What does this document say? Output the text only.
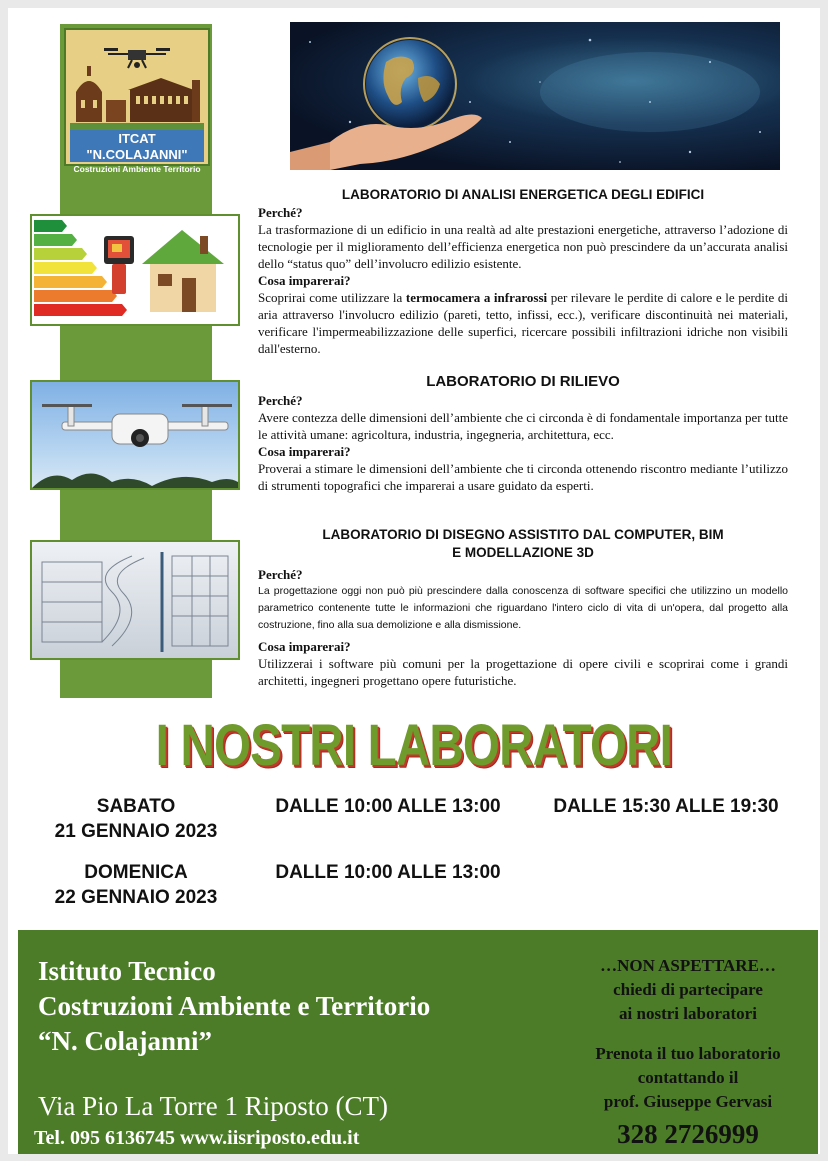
ITCAT "N.COLAJANNI"
Costruzioni Ambiente Territorio
LABORATORIO DI ANALISI ENERGETICA DEGLI EDIFICI
Perché?

La trasformazione di un edificio in una realtà ad alte prestazioni energetiche, attraverso l’adozione di tecnologie per il miglioramento dell’efficienza energetica non può prescindere da un’accurata analisi dello “status quo” dell’involucro edilizio esistente.

Cosa imparerai?

Scoprirai come utilizzare la termocamera a infrarossi per rilevare le perdite di calore e le perdite di aria attraverso l'involucro edilizio (pareti, tetto, infissi, ecc.), verificare discontinuità nei materiali, verificare l'impermeabilizzazione delle superfici, ricercare possibili infiltrazioni idriche non visibili dall'esterno.

LABORATORIO DI RILIEVO
Perché?

Avere contezza delle dimensioni dell’ambiente che ci circonda è di fondamentale importanza per tutte le attività umane: agricoltura, industria, ingegneria, architettura, ecc.

Cosa imparerai?

Proverai a stimare le dimensioni dell’ambiente che ti circonda ottenendo riscontro mediante l’utilizzo di strumenti topografici che imparerai a usare guidato da esperti.

LABORATORIO DI DISEGNO ASSISTITO DAL COMPUTER, BIM
E MODELLAZIONE 3D
Perché?

La progettazione oggi non può più prescindere dalla conoscenza di software specifici che utilizzino un modello parametrico contenente tutte le informazioni che riguardano l'intero ciclo di vita di un'opera, dal progetto alla costruzione, fino alla sua demolizione e alla dismissione.

Cosa imparerai?

Utilizzerai i software più comuni per la progettazione di opere civili e scoprirai come i grandi architetti, ingegneri progettano opere futuristiche.

I NOSTRI LABORATORI
SABATO
21 GENNAIO 2023
DALLE 10:00 ALLE 13:00	DALLE 15:30 ALLE 19:30
DOMENICA
22 GENNAIO 2023
DALLE 10:00 ALLE 13:00
Istituto Tecnico
Costruzioni Ambiente e Territorio
“N. Colajanni”
Via Pio La Torre 1 Riposto (CT)
Tel. 095 6136745 www.iisriposto.edu.it
…NON ASPETTARE…
chiedi di partecipare
ai nostri laboratori
Prenota il tuo laboratorio
contattando il
prof. Giuseppe Gervasi
328 2726999
